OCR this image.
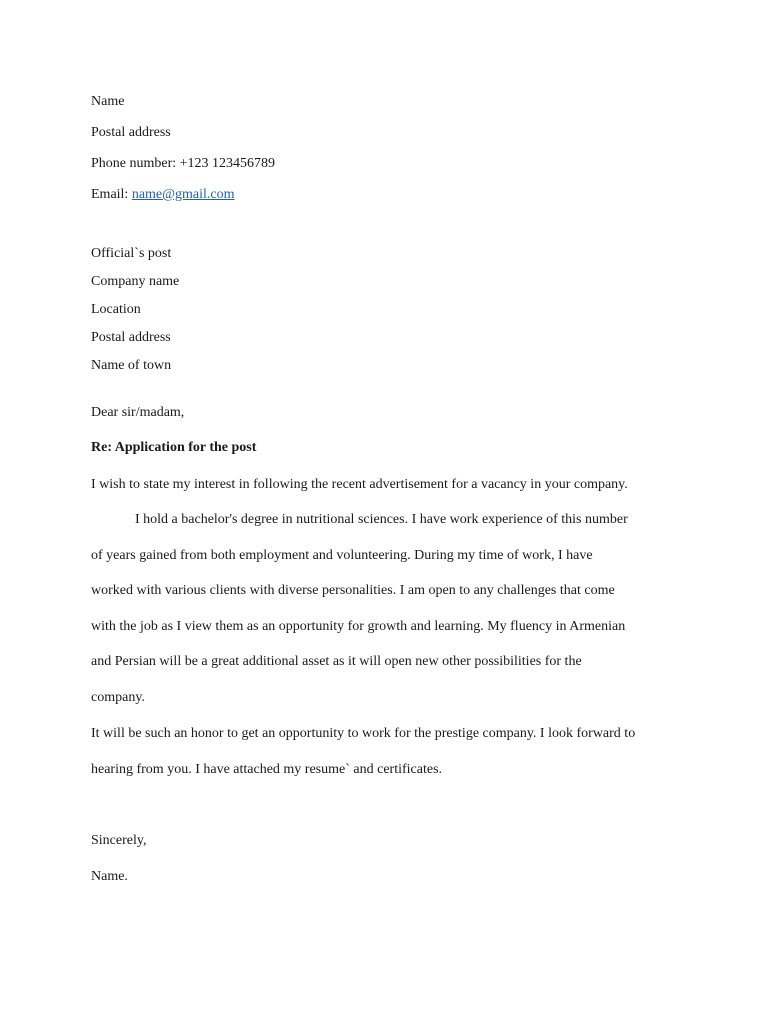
Name
Postal address
Phone number: +123 123456789
Email: name@gmail.com
Official`s post
Company name
Location
Postal address
Name of town
Dear sir/madam,
Re: Application for the post
I wish to state my interest in following the recent advertisement for a vacancy in your company.
I hold a bachelor's degree in nutritional sciences. I have work experience of this number
of years gained from both employment and volunteering. During my time of work, I have
worked with various clients with diverse personalities. I am open to any challenges that come
with the job as I view them as an opportunity for growth and learning. My fluency in Armenian
and Persian will be a great additional asset as it will open new other possibilities for the
company.
It will be such an honor to get an opportunity to work for the prestige company. I look forward to
hearing from you. I have attached my resume` and certificates.
Sincerely,
Name.
